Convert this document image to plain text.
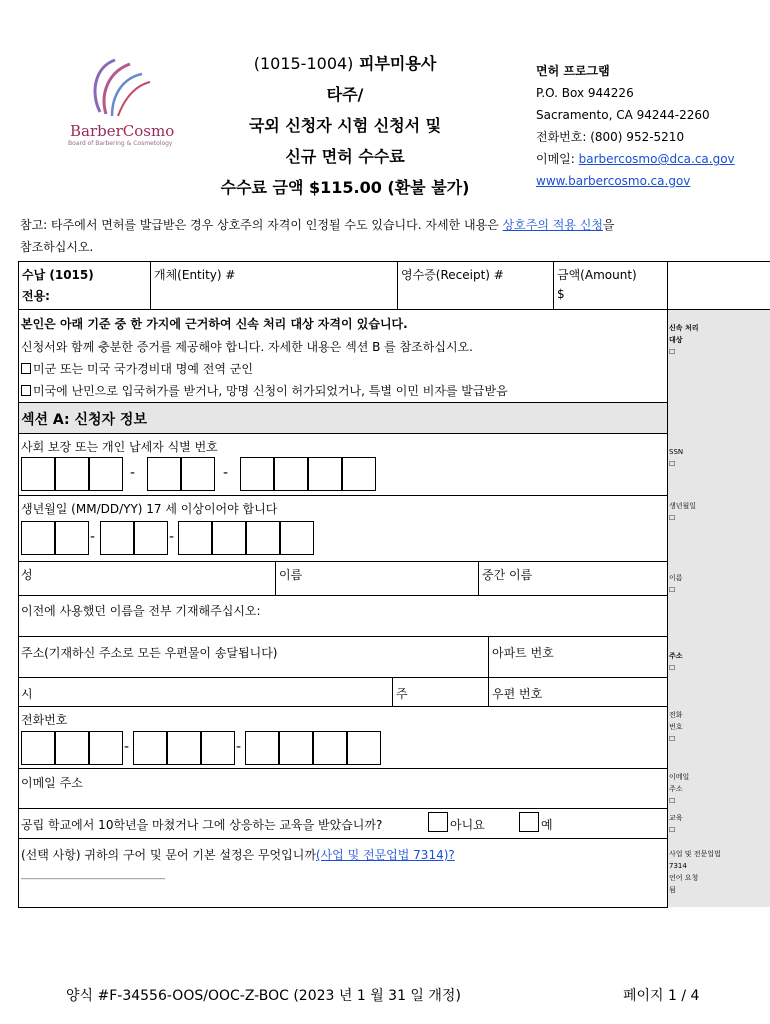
BarberCosmo
Board of Barbering & Cosmetology
(1015-1004) 피부미용사
타주/
국외 신청자 시험 신청서 및
신규 면허 수수료
수수료 금액 $115.00 (환불 불가)
면허 프로그램
P.O. Box 944226
Sacramento, CA 94244-2260
전화번호: (800) 952-5210
이메일: barbercosmo@dca.ca.gov
www.barbercosmo.ca.gov
참고: 타주에서 면허를 발급받은 경우 상호주의 자격이 인정될 수도 있습니다. 자세한 내용은 상호주의 적용 신청을
참조하십시오.
수납 (1015)
전용:
개체(Entity) #	영수증(Receipt) #	금액(Amount)
$
본인은 아래 기준 중 한 가지에 근거하여 신속 처리 대상 자격이 있습니다.
신청서와 함께 충분한 증거를 제공해야 합니다. 자세한 내용은 섹션 B 를 참조하십시오.
미군 또는 미국 국가경비대 명예 전역 군인
미국에 난민으로 입국허가를 받거나, 망명 신청이 허가되었거나, 특별 이민 비자를 발급받음
섹션 A: 신청자 정보
사회 보장 또는 개인 납세자 식별 번호
-	-
생년월일 (MM/DD/YY) 17 세 이상이어야 합니다
-	-
성	이름	중간 이름
이전에 사용했던 이름을 전부 기재해주십시오:
주소(기재하신 주소로 모든 우편물이 송달됩니다)	아파트 번호
시	주	우편 번호
전화번호
-	-
이메일 주소
공립 학교에서 10학년을 마쳤거나 그에 상응하는 교육을 받았습니까?	아니요	예
(선택 사항) 귀하의 구어 및 문어 기본 설정은 무엇입니까(사업 및 전문업법 7314)?
________________________________
신속 처리
대상
☐
SSN
☐
생년월일
☐
이름
☐
주소
☐
전화
번호
☐
이메일
주소
☐
교육
☐
사업 및 전문업법
7314
언어 요청
됨
양식 #F-34556-OOS/OOC-Z-BOC (2023 년 1 월 31 일 개정)	페이지 1 / 4
